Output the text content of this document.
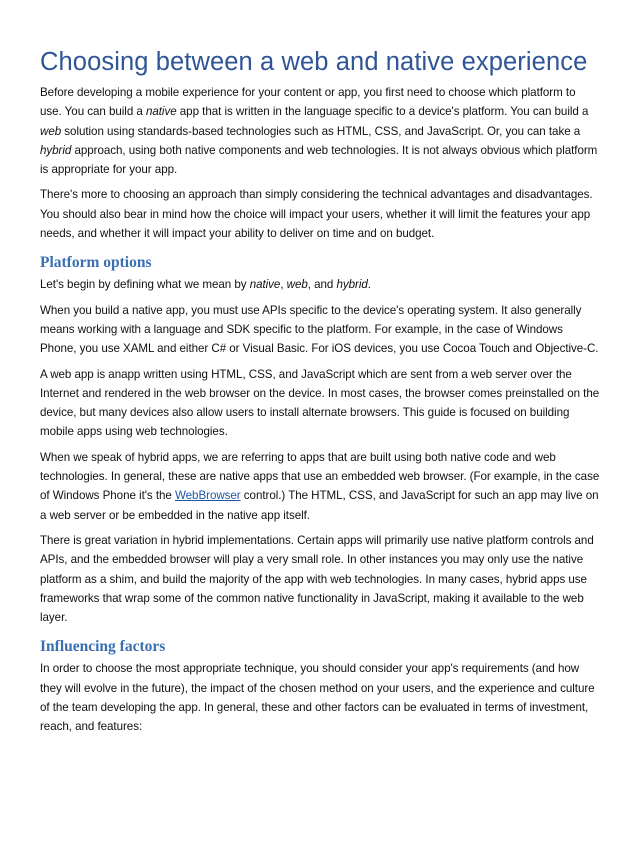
Choosing between a web and native experience

Before developing a mobile experience for your content or app, you first need to choose which platform to use. You can build a native app that is written in the language specific to a device's platform. You can build a web solution using standards-based technologies such as HTML, CSS, and JavaScript. Or, you can take a hybrid approach, using both native components and web technologies. It is not always obvious which platform is appropriate for your app.

There's more to choosing an approach than simply considering the technical advantages and disadvantages. You should also bear in mind how the choice will impact your users, whether it will limit the features your app needs, and whether it will impact your ability to deliver on time and on budget.

Platform options

Let's begin by defining what we mean by native, web, and hybrid.

When you build a native app, you must use APIs specific to the device's operating system. It also generally means working with a language and SDK specific to the platform. For example, in the case of Windows Phone, you use XAML and either C# or Visual Basic. For iOS devices, you use Cocoa Touch and Objective-C.

A web app is anapp written using HTML, CSS, and JavaScript which are sent from a web server over the Internet and rendered in the web browser on the device. In most cases, the browser comes preinstalled on the device, but many devices also allow users to install alternate browsers. This guide is focused on building mobile apps using web technologies.

When we speak of hybrid apps, we are referring to apps that are built using both native code and web technologies. In general, these are native apps that use an embedded web browser. (For example, in the case of Windows Phone it's the WebBrowser control.) The HTML, CSS, and JavaScript for such an app may live on a web server or be embedded in the native app itself.

There is great variation in hybrid implementations. Certain apps will primarily use native platform controls and APIs, and the embedded browser will play a very small role. In other instances you may only use the native platform as a shim, and build the majority of the app with web technologies. In many cases, hybrid apps use frameworks that wrap some of the common native functionality in JavaScript, making it available to the web layer.

Influencing factors

In order to choose the most appropriate technique, you should consider your app's requirements (and how they will evolve in the future), the impact of the chosen method on your users, and the experience and culture of the team developing the app. In general, these and other factors can be evaluated in terms of investment, reach, and features:
